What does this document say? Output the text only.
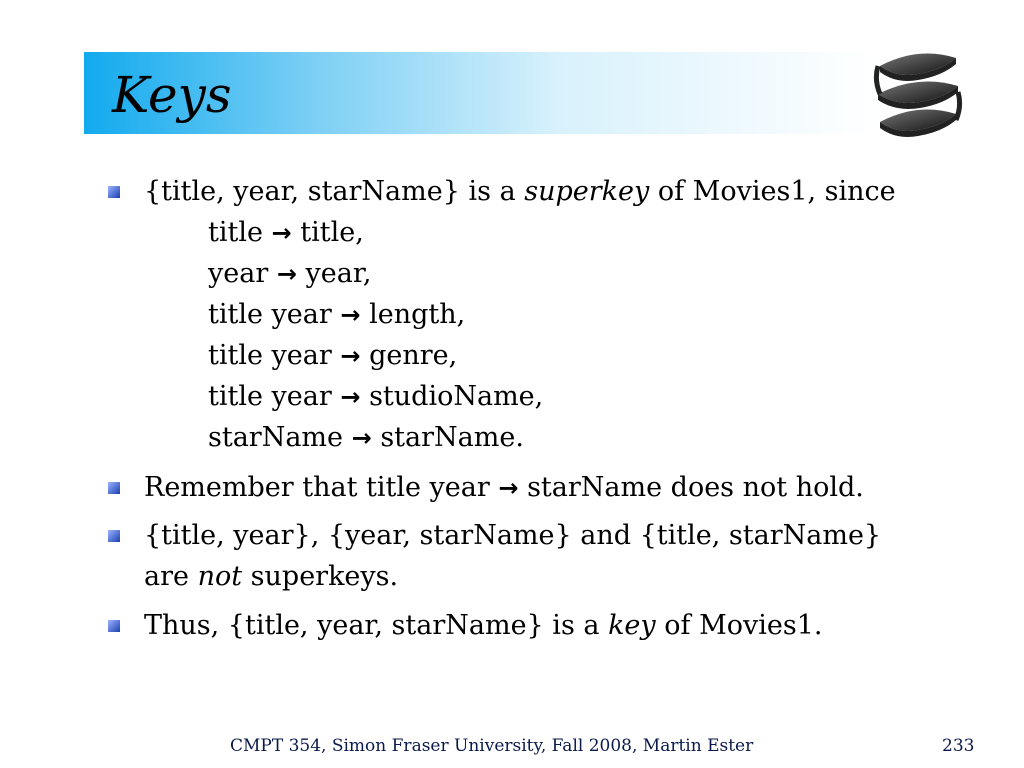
Keys
{title, year, starName} is a superkey of Movies1, since
title → title,
year → year,
title year → length,
title year → genre,
title year → studioName,
starName → starName.
Remember that title year → starName does not hold.
{title, year}, {year, starName} and {title, starName}
are not superkeys.
Thus, {title, year, starName} is a key of Movies1.
CMPT 354, Simon Fraser University, Fall 2008, Martin Ester	233
